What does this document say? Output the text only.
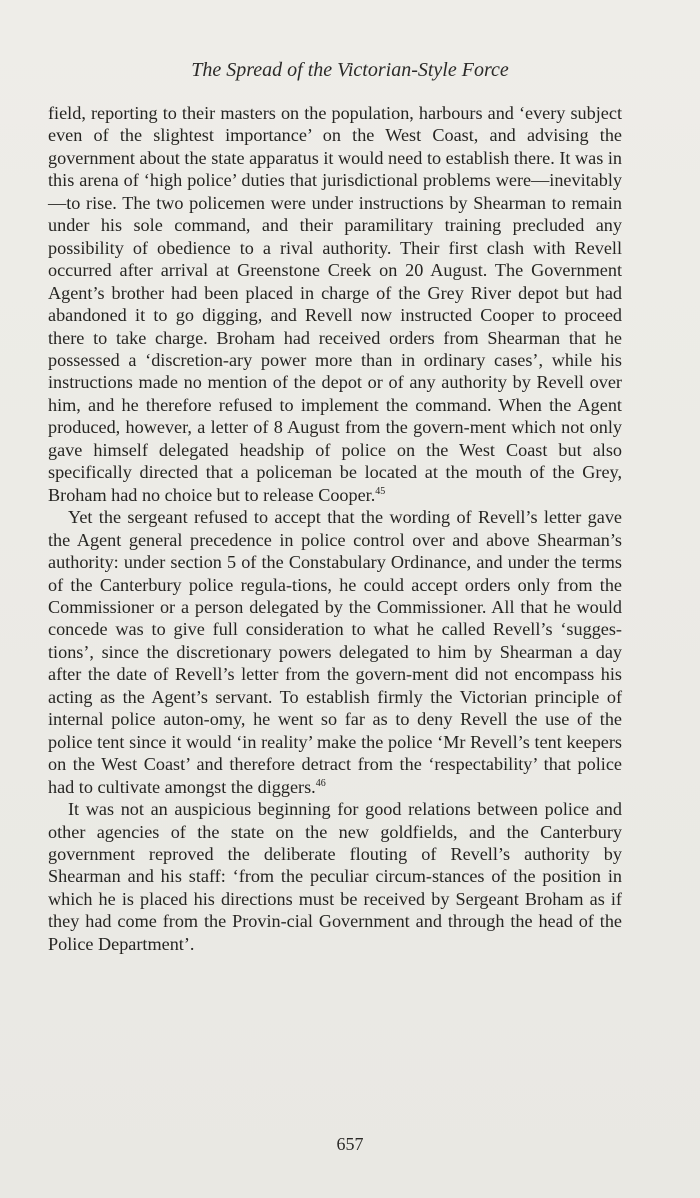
The Spread of the Victorian-Style Force

field, reporting to their masters on the population, harbours and ‘every subject even of the slightest importance’ on the West Coast, and advising the government about the state apparatus it would need to establish there. It was in this arena of ‘high police’ duties that jurisdictional problems were—inevitably—to rise. The two policemen were under instructions by Shearman to remain under his sole command, and their paramilitary training precluded any possibility of obedience to a rival authority. Their first clash with Revell occurred after arrival at Greenstone Creek on 20 August. The Government Agent’s brother had been placed in charge of the Grey River depot but had abandoned it to go digging, and Revell now instructed Cooper to proceed there to take charge. Broham had received orders from Shearman that he possessed a ‘discretion-ary power more than in ordinary cases’, while his instructions made no mention of the depot or of any authority by Revell over him, and he therefore refused to implement the command. When the Agent produced, however, a letter of 8 August from the govern-ment which not only gave himself delegated headship of police on the West Coast but also specifically directed that a policeman be located at the mouth of the Grey, Broham had no choice but to release Cooper.$^{45}$

Yet the sergeant refused to accept that the wording of Revell’s letter gave the Agent general precedence in police control over and above Shearman’s authority: under section 5 of the Constabulary Ordinance, and under the terms of the Canterbury police regula-tions, he could accept orders only from the Commissioner or a person delegated by the Commissioner. All that he would concede was to give full consideration to what he called Revell’s ‘sugges-tions’, since the discretionary powers delegated to him by Shearman a day after the date of Revell’s letter from the govern-ment did not encompass his acting as the Agent’s servant. To establish firmly the Victorian principle of internal police auton-omy, he went so far as to deny Revell the use of the police tent since it would ‘in reality’ make the police ‘Mr Revell’s tent keepers on the West Coast’ and therefore detract from the ‘respectability’ that police had to cultivate amongst the diggers.$^{46}$

It was not an auspicious beginning for good relations between police and other agencies of the state on the new goldfields, and the Canterbury government reproved the deliberate flouting of Revell’s authority by Shearman and his staff: ‘from the peculiar circum-stances of the position in which he is placed his directions must be received by Sergeant Broham as if they had come from the Provin-cial Government and through the head of the Police Department’.

657
